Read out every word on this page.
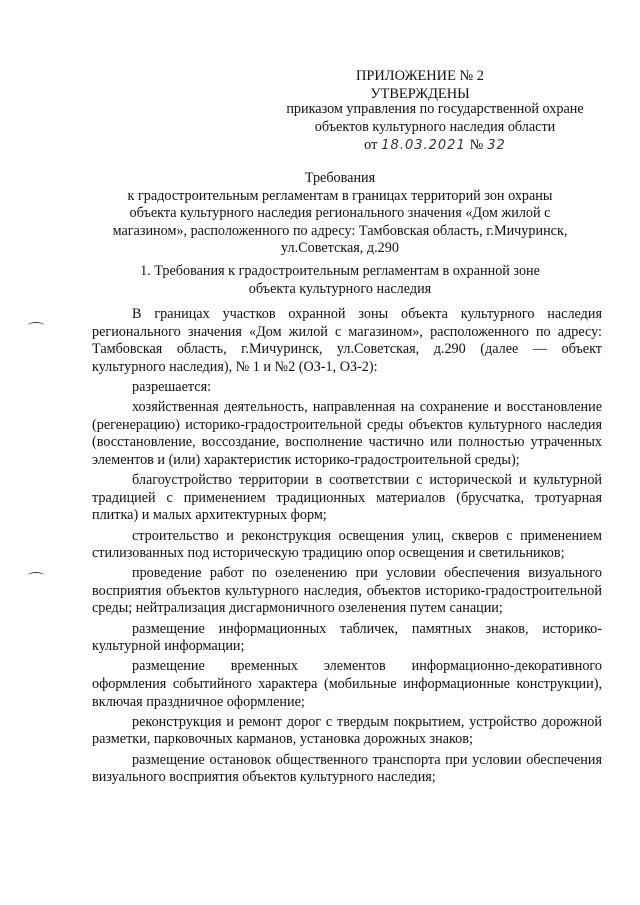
ПРИЛОЖЕНИЕ № 2
УТВЕРЖДЕНЫ
приказом управления по государственной охране
объектов культурного наследия области
от 18.03.2021 № 32
Требования
к градостроительным регламентам в границах территорий зон охраны
объекта культурного наследия регионального значения «Дом жилой с
магазином», расположенного по адресу: Тамбовская область, г.Мичуринск,
ул.Советская, д.290
1. Требования к градостроительным регламентам в охранной зоне
объекта культурного наследия

В границах участков охранной зоны объекта культурного наследия регионального значения «Дом жилой с магазином», расположенного по адресу: Тамбовская область, г.Мичуринск, ул.Советская, д.290 (далее — объект культурного наследия), № 1 и №2 (ОЗ-1, ОЗ-2):

разрешается:

хозяйственная деятельность, направленная на сохранение и восстановление (регенерацию) историко-градостроительной среды объектов культурного наследия (восстановление, воссоздание, восполнение частично или полностью утраченных элементов и (или) характеристик историко-градостроительной среды);

благоустройство территории в соответствии с исторической и культурной традицией с применением традиционных материалов (брусчатка, тротуарная плитка) и малых архитектурных форм;

строительство и реконструкция освещения улиц, скверов с применением стилизованных под историческую традицию опор освещения и светильников;

проведение работ по озеленению при условии обеспечения визуального восприятия объектов культурного наследия, объектов историко-градостроительной среды; нейтрализация дисгармоничного озеленения путем санации;

размещение информационных табличек, памятных знаков, историко-культурной информации;

размещение временных элементов информационно-декоративного оформления событийного характера (мобильные информационные конструкции), включая праздничное оформление;

реконструкция и ремонт дорог с твердым покрытием, устройство дорожной разметки, парковочных карманов, установка дорожных знаков;

размещение остановок общественного транспорта при условии обеспечения визуального восприятия объектов культурного наследия;
